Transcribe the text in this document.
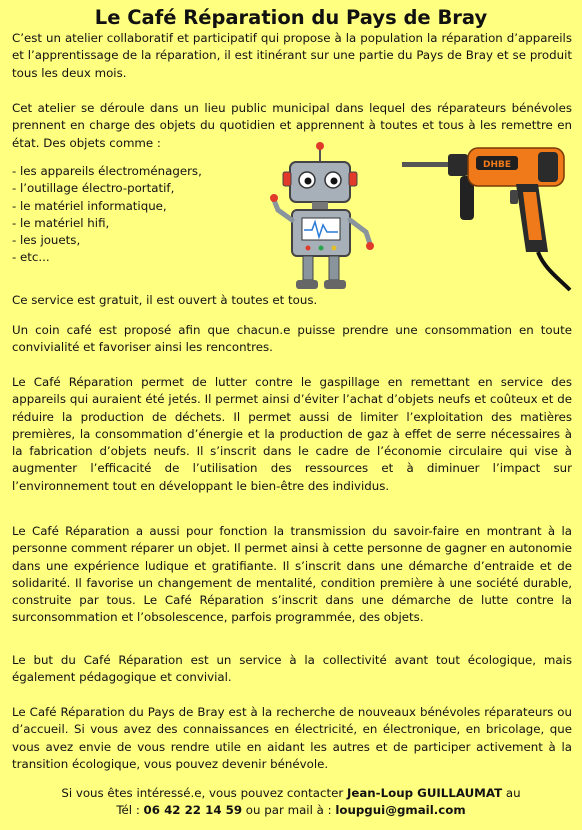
Le Café Réparation du Pays de Bray

C’est un atelier collaboratif et participatif qui propose à la population la réparation d’appareils et l’apprentissage de la réparation, il est itinérant sur une partie du Pays de Bray et se produit tous les deux mois.

Cet atelier se déroule dans un lieu public municipal dans lequel des réparateurs bénévoles prennent en charge des objets du quotidien et apprennent à toutes et tous à les remettre en état. Des objets comme :

- les appareils électroménagers,
- l’outillage électro-portatif,
- le matériel informatique,
- le matériel hifi,
- les jouets,
- etc...
DHBE

Ce service est gratuit, il est ouvert à toutes et tous.

Un coin café est proposé afin que chacun.e puisse prendre une consommation en toute convivialité et favoriser ainsi les rencontres.

Le Café Réparation permet de lutter contre le gaspillage en remettant en service des appareils qui auraient été jetés. Il permet ainsi d’éviter l’achat d’objets neufs et coûteux et de réduire la production de déchets. Il permet aussi de limiter l’exploitation des matières premières, la consommation d’énergie et la production de gaz à effet de serre nécessaires à la fabrication d’objets neufs. Il s’inscrit dans le cadre de l’économie circulaire qui vise à augmenter l’efficacité de l’utilisation des ressources et à diminuer l’impact sur l’environnement tout en développant le bien-être des individus.

Le Café Réparation a aussi pour fonction la transmission du savoir-faire en montrant à la personne comment réparer un objet. Il permet ainsi à cette personne de gagner en autonomie dans une expérience ludique et gratifiante. Il s’inscrit dans une démarche d’entraide et de solidarité. Il favorise un changement de mentalité, condition première à une société durable, construite par tous. Le Café Réparation s’inscrit dans une démarche de lutte contre la surconsommation et l’obsolescence, parfois programmée, des objets.

Le but du Café Réparation est un service à la collectivité avant tout écologique, mais également pédagogique et convivial.

Le Café Réparation du Pays de Bray est à la recherche de nouveaux bénévoles réparateurs ou d’accueil. Si vous avez des connaissances en électricité, en électronique, en bricolage, que vous avez envie de vous rendre utile en aidant les autres et de participer activement à la transition écologique, vous pouvez devenir bénévole.

Si vous êtes intéressé.e, vous pouvez contacter Jean-Loup GUILLAUMAT au
Tél : 06 42 22 14 59 ou par mail à : loupgui@gmail.com
